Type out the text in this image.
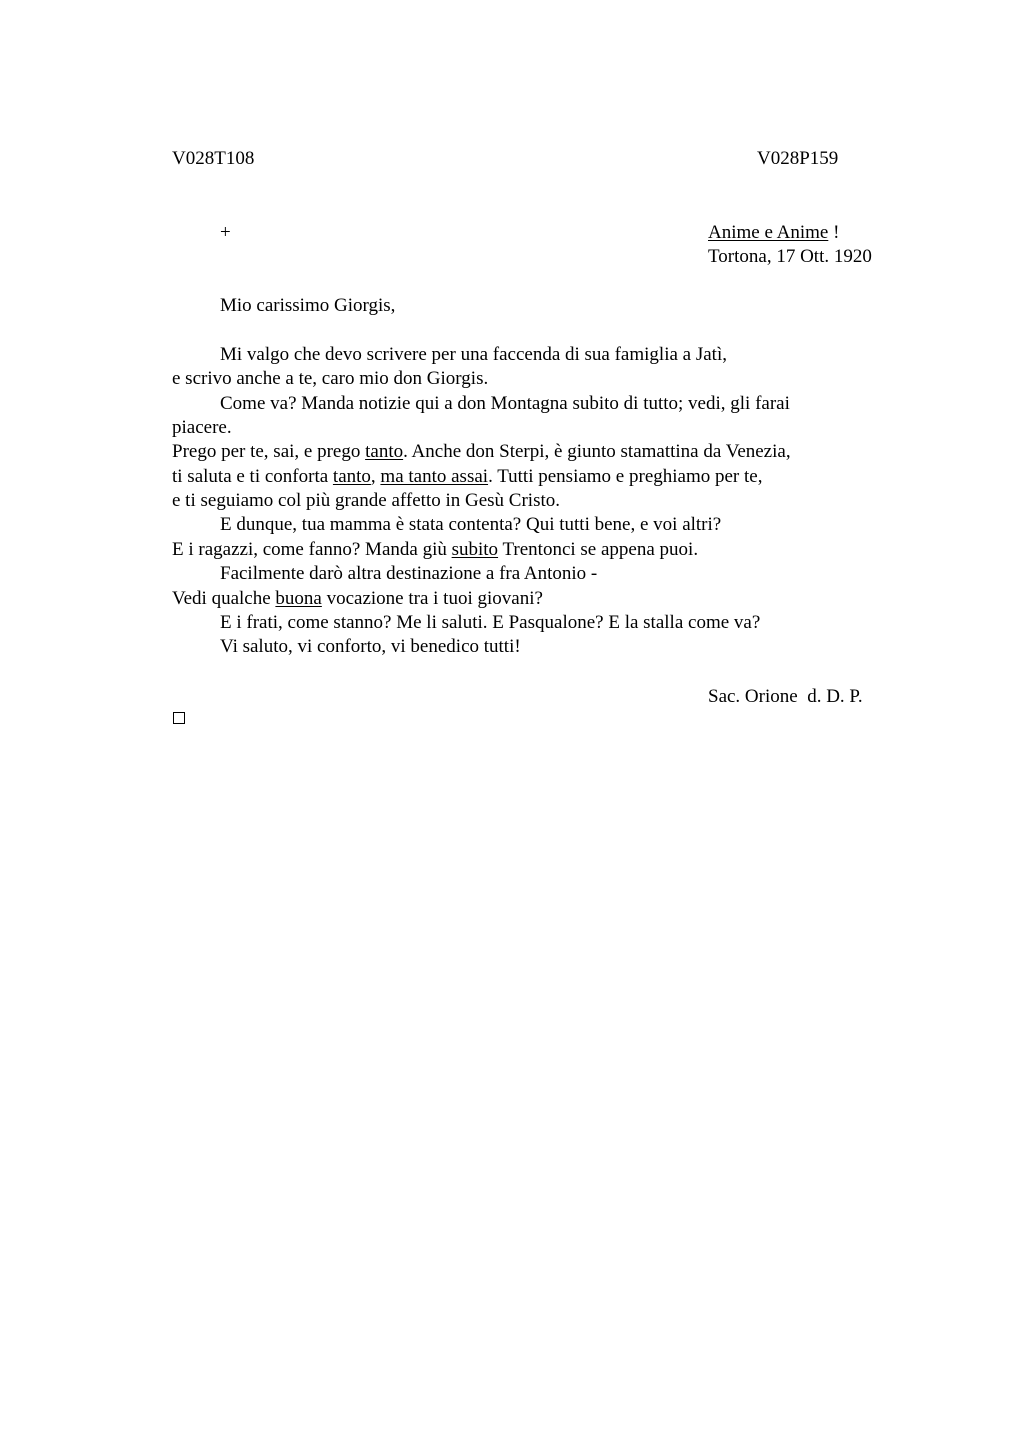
V028T108	V028P159
+	Anime e Anime !
Tortona, 17 Ott. 1920
Mio carissimo Giorgis,
Mi valgo che devo scrivere per una faccenda di sua famiglia a Jatì,
e scrivo anche a te, caro mio don Giorgis.
Come va? Manda notizie qui a don Montagna subito di tutto; vedi, gli farai
piacere.
Prego per te, sai, e prego tanto. Anche don Sterpi, è giunto stamattina da Venezia,
ti saluta e ti conforta tanto, ma tanto assai. Tutti pensiamo e preghiamo per te,
e ti seguiamo col più grande affetto in Gesù Cristo.
E dunque, tua mamma è stata contenta? Qui tutti bene, e voi altri?
E i ragazzi, come fanno? Manda giù subito Trentonci se appena puoi.
Facilmente darò altra destinazione a fra Antonio -
Vedi qualche buona vocazione tra i tuoi giovani?
E i frati, come stanno? Me li saluti. E Pasqualone? E la stalla come va?
Vi saluto, vi conforto, vi benedico tutti!
Sac. Orione  d. D. P.
